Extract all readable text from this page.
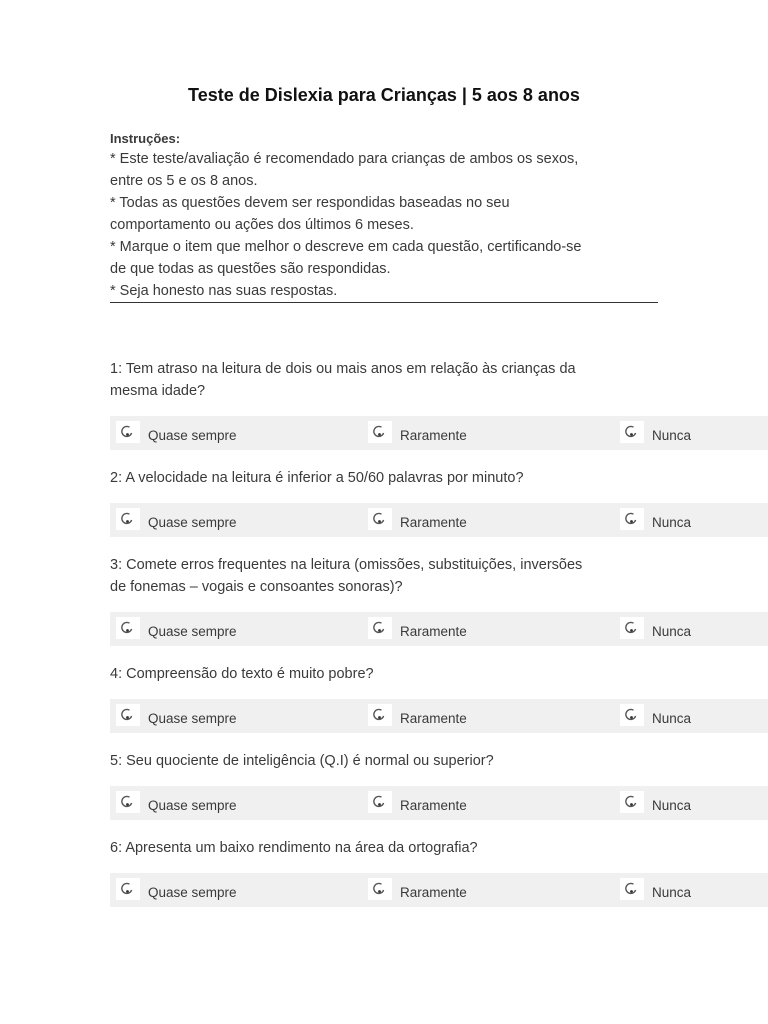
Teste de Dislexia para Crianças | 5 aos 8 anos
Instruções:
* Este teste/avaliação é recomendado para crianças de ambos os sexos,
entre os 5 e os 8 anos.
* Todas as questões devem ser respondidas baseadas no seu
comportamento ou ações dos últimos 6 meses.
* Marque o item que melhor o descreve em cada questão, certificando-se
de que todas as questões são respondidas.
* Seja honesto nas suas respostas.
1: Tem atraso na leitura de dois ou mais anos em relação às crianças da
mesma idade?
Quase sempre	Raramente	Nunca
2: A velocidade na leitura é inferior a 50/60 palavras por minuto?
Quase sempre	Raramente	Nunca
3: Comete erros frequentes na leitura (omissões, substituições, inversões
de fonemas – vogais e consoantes sonoras)?
Quase sempre	Raramente	Nunca
4: Compreensão do texto é muito pobre?
Quase sempre	Raramente	Nunca
5: Seu quociente de inteligência (Q.I) é normal ou superior?
Quase sempre	Raramente	Nunca
6: Apresenta um baixo rendimento na área da ortografia?
Quase sempre	Raramente	Nunca
